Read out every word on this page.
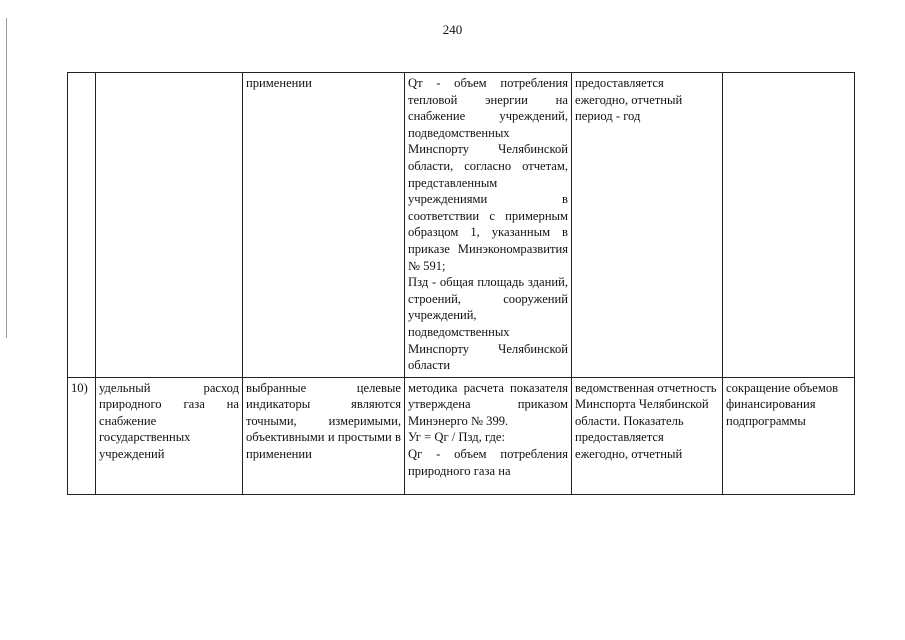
240
		применении	Qт - объем потребления тепловой энергии на снабжение учреждений, подведомственных Минспорту Челябинской области, согласно отчетам, представленным учреждениями в соответствии с примерным образцом 1, указанным в приказе Минэкономразвития № 591;
Пзд - общая площадь зданий, строений, сооружений учреждений, подведомственных Минспорту Челябинской области	предоставляется ежегодно, отчетный период - год	

10)	удельный расход природного газа на снабжение государственных учреждений	выбранные целевые индикаторы являются точными, измеримыми, объективными и простыми в применении	методика расчета показателя утверждена приказом Минэнерго № 399.
Уг = Qг / Пзд, где:
Qг - объем потребления природного газа на	ведомственная отчетность Минспорта Челябинской области. Показатель предоставляется ежегодно, отчетный	сокращение объемов финансирования подпрограммы
